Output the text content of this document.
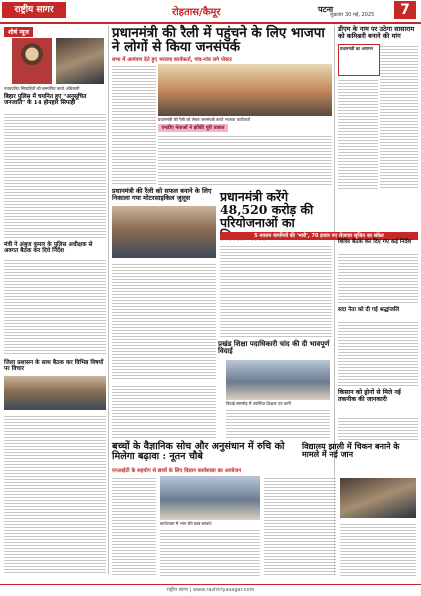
राष्ट्रीय सागर	रोहतास/कैमूर	पटना
शुक्रवार 30 मई, 2025	7
शीर्ष न्यूज
नवचयनित सिपाहियों को सम्मानित करते अधिकारी
बिहार पुलिस में चयनित हुए "अनुसूचित जनजाति" के 14 होनहार सिपाही
मंत्री ने अंबुज कुमार के पुलिस अधीक्षक से अवगत बैठक कर दिये निर्देश
जिला प्रशासन के साथ बैठक कर विभिन्न विषयों पर विचार
प्रधानमंत्री की रैली में पहुंचने के लिए भाजपा ने लोगों से किया जनसंपर्क
सभा में आमंत्रण देते हुए भाजपा कार्यकर्ता, गांव-गांव लगे पोस्टर
प्रधानमंत्री की रैली को लेकर जनसंपर्क करते भाजपा कार्यकर्ता
एनडीए नेताओं ने झोंकी पूरी ताकत
प्रधानमंत्री की रैली को सफल बनाने के लिए निकाला गया मोटरसाइकिल जुलूस	प्रधानमंत्री करेंगे 48,520 करोड़ की परियोजनाओं का
5 नवरत्न कंपनियों की 'भारी', 70 हजार नए रोजगार सृजित का संकेत
डीएम के नाम पर उठेगा सासाराम को कमिश्नरी बनाने की मांग
प्रधानमंत्री का आगमन
शिविर बैठक कर दिए गए कई निर्देश
सदा नेता को दी गई श्रद्धांजलि
किसान को ड्रोनों से मिले नई तकनीक की जानकारी
प्रखंड शिक्षा पदाधिकारी चांद की दी भावपूर्ण विदाई
विदाई समारोह में उपस्थित शिक्षक एवं कर्मी
बच्चों के वैज्ञानिक सोच और अनुसंधान में रुचि को मिलेगा बढ़ावा : नूतन चौबे
एनआईटी के सहयोग से छात्रों के लिए विज्ञान कार्यशाला का आयोजन
विद्यालय झाली में चिकन बनाने के मामले में नई जान
कार्यशाला में भाग लेते छात्र-छात्राएं
राष्ट्रीय सागर | www.rashtriyasagar.com
